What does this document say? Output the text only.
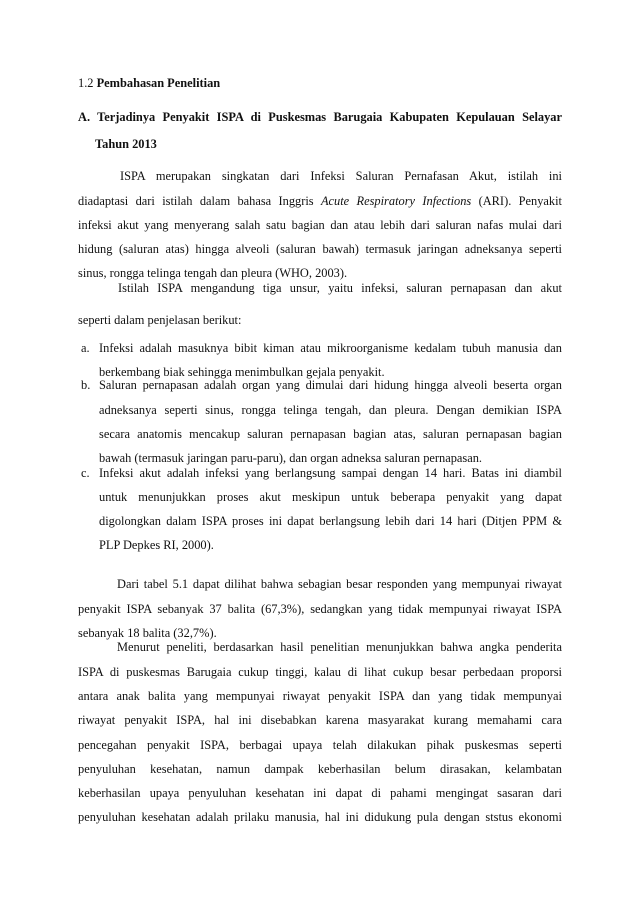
1.2 Pembahasan Penelitian
A. Terjadinya Penyakit ISPA di Puskesmas Barugaia Kabupaten Kepulauan Selayar
Tahun 2013
ISPA merupakan singkatan dari Infeksi Saluran Pernafasan Akut, istilah ini
diadaptasi dari istilah dalam bahasa Inggris Acute Respiratory Infections (ARI). Penyakit
infeksi akut yang menyerang salah satu bagian dan atau lebih dari saluran nafas mulai dari
hidung (saluran atas) hingga alveoli (saluran bawah) termasuk jaringan adneksanya seperti
sinus, rongga telinga tengah dan pleura (WHO, 2003).
Istilah ISPA mengandung tiga unsur, yaitu infeksi, saluran pernapasan dan akut
seperti dalam penjelasan berikut:
a. Infeksi adalah masuknya bibit kiman atau mikroorganisme kedalam tubuh manusia dan
berkembang biak sehingga menimbulkan gejala penyakit.
b. Saluran pernapasan adalah organ yang dimulai dari hidung hingga alveoli beserta organ
adneksanya seperti sinus, rongga telinga tengah, dan pleura. Dengan demikian ISPA
secara anatomis mencakup saluran pernapasan bagian atas, saluran pernapasan bagian
bawah (termasuk jaringan paru-paru), dan organ adneksa saluran pernapasan.
c. Infeksi akut adalah infeksi yang berlangsung sampai dengan 14 hari. Batas ini diambil
untuk menunjukkan proses akut meskipun untuk beberapa penyakit yang dapat
digolongkan dalam ISPA proses ini dapat berlangsung lebih dari 14 hari (Ditjen PPM &
PLP Depkes RI, 2000).
Dari tabel 5.1 dapat dilihat bahwa sebagian besar responden yang mempunyai riwayat
penyakit ISPA sebanyak 37 balita (67,3%), sedangkan yang tidak mempunyai riwayat ISPA
sebanyak 18 balita (32,7%).
Menurut peneliti, berdasarkan hasil penelitian menunjukkan bahwa angka penderita
ISPA di puskesmas Barugaia cukup tinggi, kalau di lihat cukup besar perbedaan proporsi
antara anak balita yang mempunyai riwayat penyakit ISPA dan yang tidak mempunyai
riwayat penyakit ISPA, hal ini disebabkan karena masyarakat kurang memahami cara
pencegahan penyakit ISPA, berbagai upaya telah dilakukan pihak puskesmas seperti
penyuluhan kesehatan, namun dampak keberhasilan belum dirasakan, kelambatan
keberhasilan upaya penyuluhan kesehatan ini dapat di pahami mengingat sasaran dari
penyuluhan kesehatan adalah prilaku manusia, hal ini didukung pula dengan ststus ekonomi
